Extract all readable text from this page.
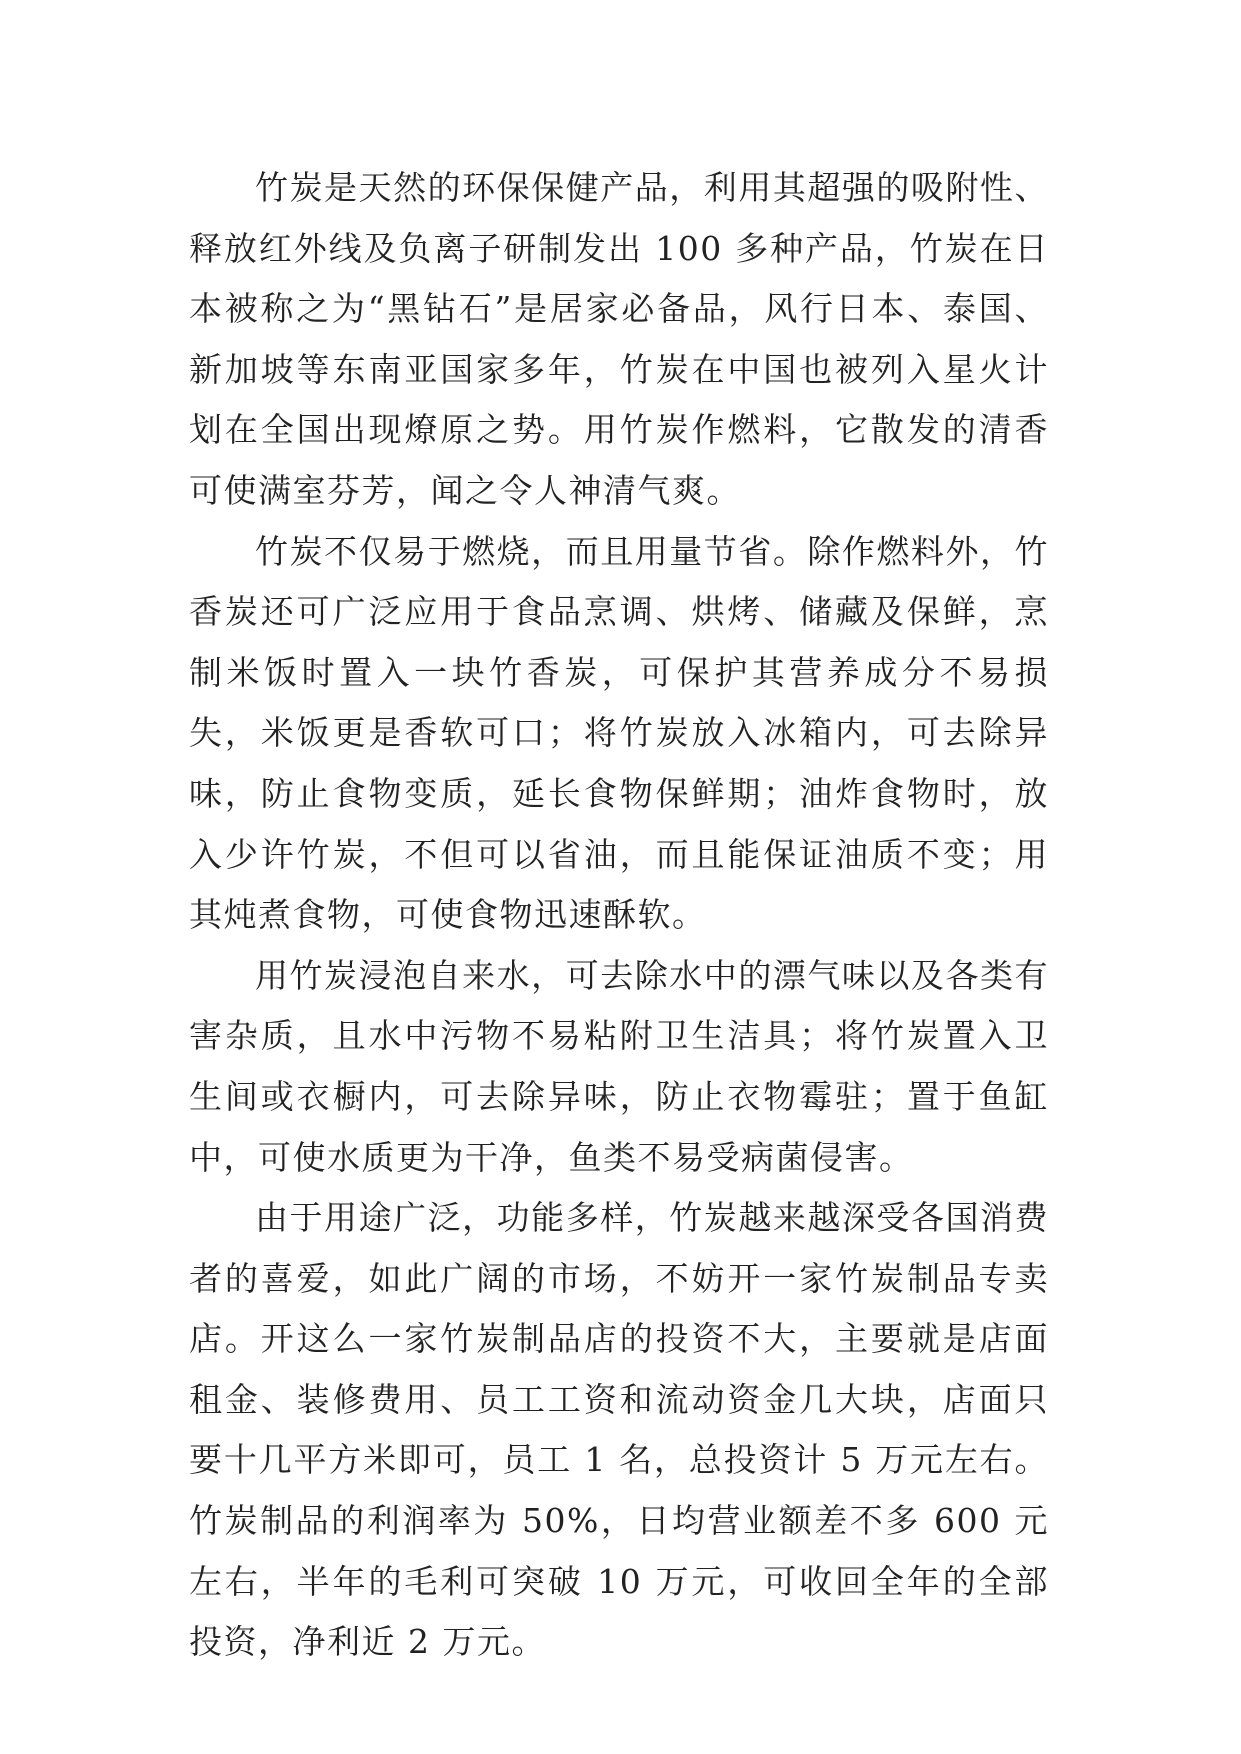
竹炭是天然的环保保健产品，利用其超强的吸附性、释放红外线及负离子研制发出 100 多种产品，竹炭在日本被称之为“黑钻石”是居家必备品，风行日本、泰国、新加坡等东南亚国家多年，竹炭在中国也被列入星火计划在全国出现燎原之势。用竹炭作燃料，它散发的清香可使满室芬芳，闻之令人神清气爽。

竹炭不仅易于燃烧，而且用量节省。除作燃料外，竹香炭还可广泛应用于食品烹调、烘烤、储藏及保鲜，烹制米饭时置入一块竹香炭，可保护其营养成分不易损失，米饭更是香软可口；将竹炭放入冰箱内，可去除异味，防止食物变质，延长食物保鲜期；油炸食物时，放入少许竹炭，不但可以省油，而且能保证油质不变；用其炖煮食物，可使食物迅速酥软。

用竹炭浸泡自来水，可去除水中的漂气味以及各类有害杂质，且水中污物不易粘附卫生洁具；将竹炭置入卫生间或衣橱内，可去除异味，防止衣物霉驻；置于鱼缸中，可使水质更为干净，鱼类不易受病菌侵害。

由于用途广泛，功能多样，竹炭越来越深受各国消费者的喜爱，如此广阔的市场，不妨开一家竹炭制品专卖店。开这么一家竹炭制品店的投资不大，主要就是店面租金、装修费用、员工工资和流动资金几大块，店面只要十几平方米即可，员工 1 名，总投资计 5 万元左右。竹炭制品的利润率为 50%，日均营业额差不多 600 元左右，半年的毛利可突破 10 万元，可收回全年的全部投资，净利近 2 万元。
